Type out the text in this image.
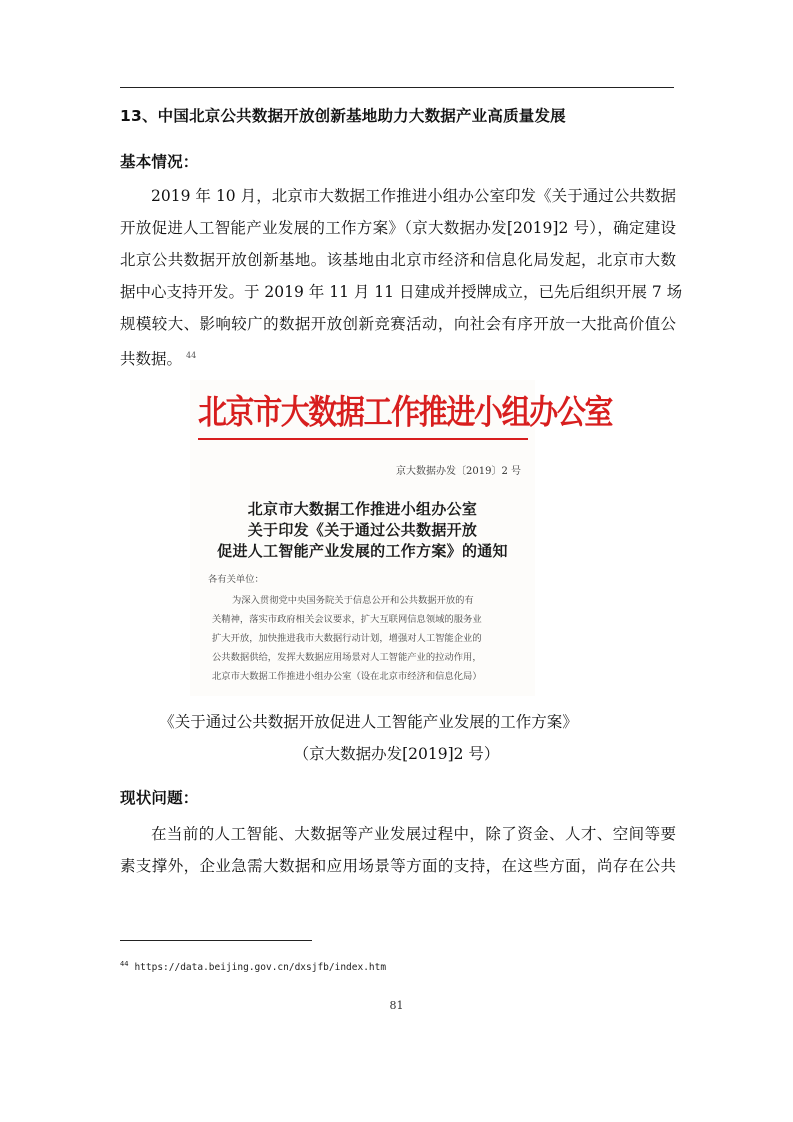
13、中国北京公共数据开放创新基地助力大数据产业高质量发展
基本情况：
2019 年 10 月，北京市大数据工作推进小组办公室印发《关于通过公共数据
开放促进人工智能产业发展的工作方案》（京大数据办发[2019]2 号），确定建设
北京公共数据开放创新基地。该基地由北京市经济和信息化局发起，北京市大数
据中心支持开发。于 2019 年 11 月 11 日建成并授牌成立，已先后组织开展 7 场
规模较大、影响较广的数据开放创新竞赛活动，向社会有序开放一大批高价值公
共数据。 $^{44}$
北京市大数据工作推进小组办公室
京大数据办发〔2019〕2 号
北京市大数据工作推进小组办公室
关于印发《关于通过公共数据开放
促进人工智能产业发展的工作方案》的通知
各有关单位：
为深入贯彻党中央国务院关于信息公开和公共数据开放的有
关精神，落实市政府相关会议要求，扩大互联网信息领域的服务业
扩大开放，加快推进我市大数据行动计划，增强对人工智能企业的
公共数据供给，发挥大数据应用场景对人工智能产业的拉动作用，
北京市大数据工作推进小组办公室（设在北京市经济和信息化局）
《关于通过公共数据开放促进人工智能产业发展的工作方案》
（京大数据办发[2019]2 号）
现状问题：
在当前的人工智能、大数据等产业发展过程中，除了资金、人才、空间等要
素支撑外，企业急需大数据和应用场景等方面的支持，在这些方面，尚存在公共
$^{44}$ https://data.beijing.gov.cn/dxsjfb/index.htm
81
